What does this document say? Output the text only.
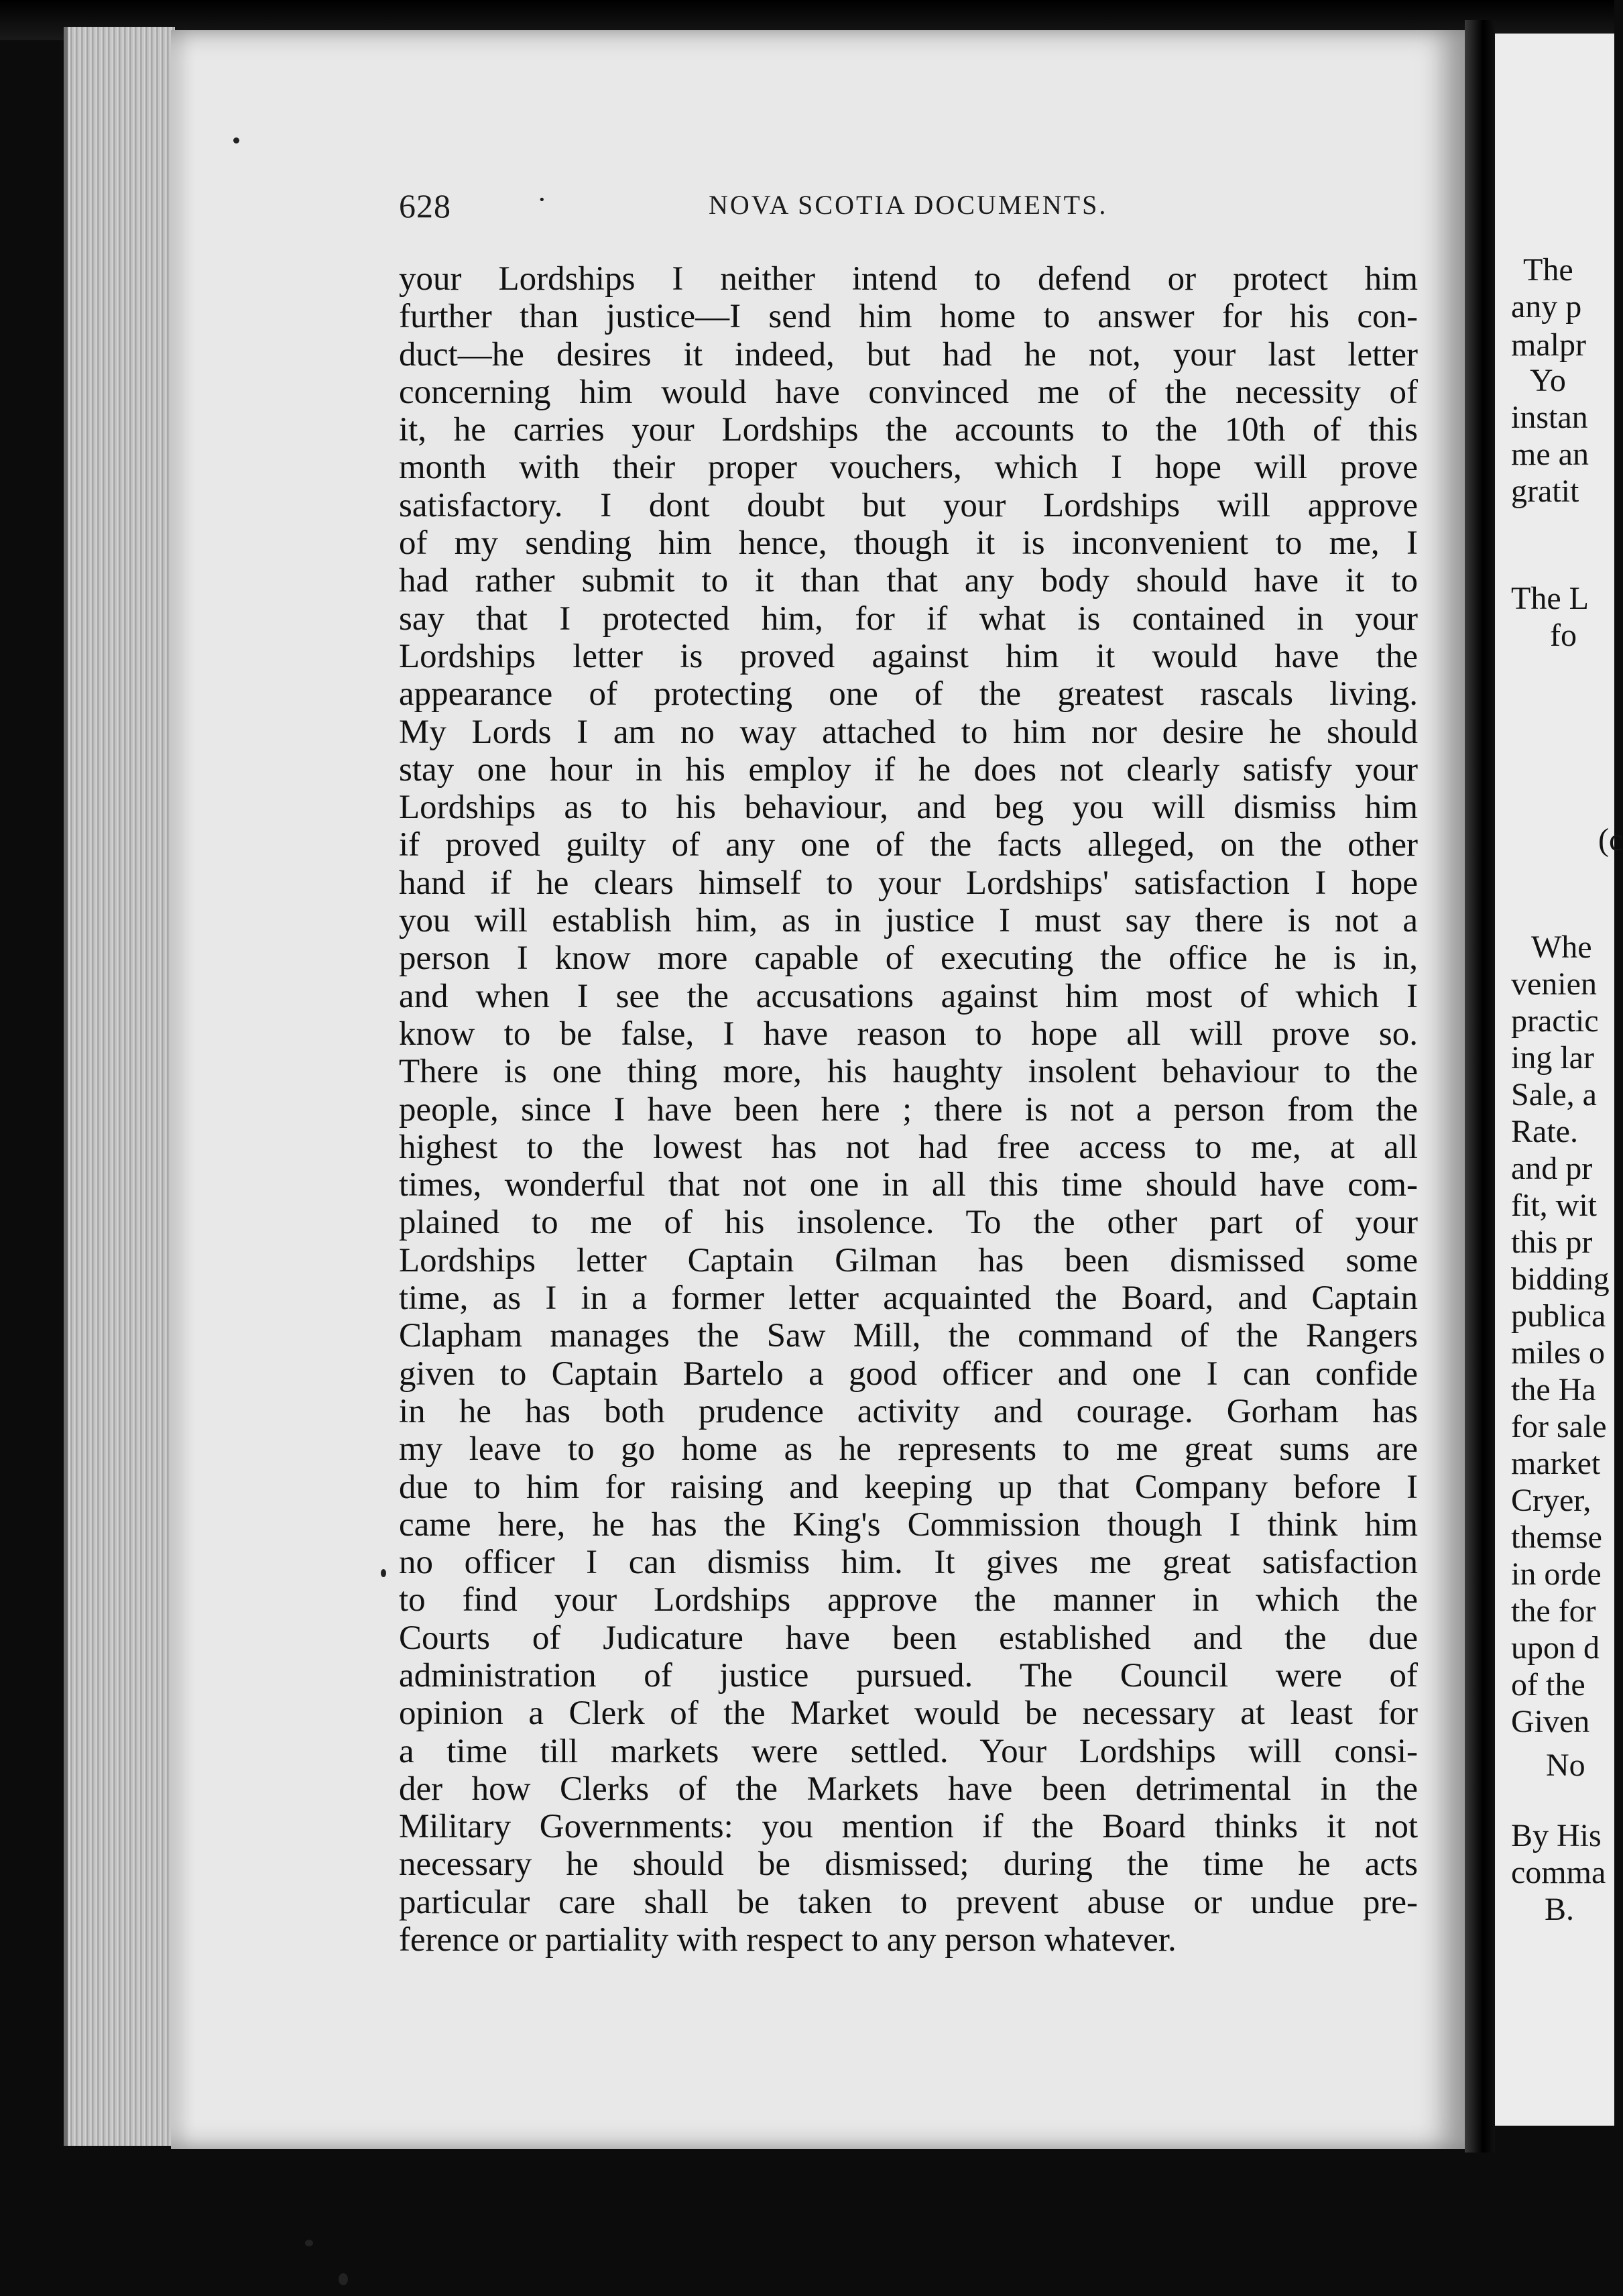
628	·	NOVA SCOTIA DOCUMENTS.
your Lordships I neither intend to defend or protect him
further than justice—I send him home to answer for his con-
duct—he desires it indeed, but had he not, your last letter
concerning him would have convinced me of the necessity of
it, he carries your Lordships the accounts to the 10th of this
month with their proper vouchers, which I hope will prove
satisfactory. I dont doubt but your Lordships will approve
of my sending him hence, though it is inconvenient to me, I
had rather submit to it than that any body should have it to
say that I protected him, for if what is contained in your
Lordships letter is proved against him it would have the
appearance of protecting one of the greatest rascals living.
My Lords I am no way attached to him nor desire he should
stay one hour in his employ if he does not clearly satisfy your
Lordships as to his behaviour, and beg you will dismiss him
if proved guilty of any one of the facts alleged, on the other
hand if he clears himself to your Lordships' satisfaction I hope
you will establish him, as in justice I must say there is not a
person I know more capable of executing the office he is in,
and when I see the accusations against him most of which I
know to be false, I have reason to hope all will prove so.
There is one thing more, his haughty insolent behaviour to the
people, since I have been here ; there is not a person from the
highest to the lowest has not had free access to me, at all
times, wonderful that not one in all this time should have com-
plained to me of his insolence. To the other part of your
Lordships letter Captain Gilman has been dismissed some
time, as I in a former letter acquainted the Board, and Captain
Clapham manages the Saw Mill, the command of the Rangers
given to Captain Bartelo a good officer and one I can confide
in he has both prudence activity and courage. Gorham has
my leave to go home as he represents to me great sums are
due to him for raising and keeping up that Company before I
came here, he has the King's Commission though I think him
no officer I can dismiss him. It gives me great satisfaction
to find your Lordships approve the manner in which the
Courts of Judicature have been established and the due
administration of justice pursued. The Council were of
opinion a Clerk of the Market would be necessary at least for
a time till markets were settled. Your Lordships will consi-
der how Clerks of the Markets have been detrimental in the
Military Governments: you mention if the Board thinks it not
necessary he should be dismissed; during the time he acts
particular care shall be taken to prevent abuse or undue pre-
ference or partiality with respect to any person whatever.
The
any p
malpr
Yo
instan
me an
gratit
The L
fo
(c
Whe
venien
practic
ing lar
Sale, a
Rate.
and pr
fit, wit
this pr
bidding
publica
miles o
the Ha
for sale
market
Cryer,
themse
in orde
the for
upon d
of the
Given
No
By His
comma
B.
